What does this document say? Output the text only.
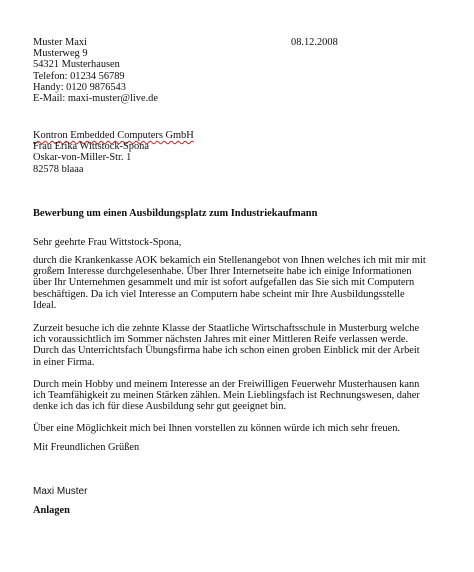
Muster Maxi
Musterweg 9
54321 Musterhausen
Telefon: 01234 56789
Handy: 0120 9876543
E-Mail: maxi-muster@live.de
08.12.2008
Kontron Embedded Computers GmbH
Frau Erika Wittstock-Spona
Oskar-von-Miller-Str. 1
82578 blaaa
Bewerbung um einen Ausbildungsplatz zum Industriekaufmann
Sehr geehrte Frau Wittstock-Spona,
durch die Krankenkasse AOK bekamich ein Stellenangebot von Ihnen welches ich mit mir mit
großem Interesse durchgelesenhabe. Über Ihrer Internetseite habe ich einige Informationen
über Ihr Unternehmen gesammelt und mir ist sofort aufgefallen das Sie sich mit Computern
beschäftigen. Da ich viel Interesse an Computern habe scheint mir Ihre Ausbildungsstelle
Ideal.
Zurzeit besuche ich die zehnte Klasse der Staatliche Wirtschaftsschule in Musterburg welche
ich voraussichtlich im Sommer nächsten Jahres mit einer Mittleren Reife verlassen werde.
Durch das Unterrichtsfach Übungsfirma habe ich schon einen groben Einblick mit der Arbeit
in einer Firma.
Durch mein Hobby und meinem Interesse an der Freiwilligen Feuerwehr Musterhausen kann
ich Teamfähigkeit zu meinen Stärken zählen. Mein Lieblingsfach ist Rechnungswesen, daher
denke ich das ich für diese Ausbildung sehr gut geeignet bin.
Über eine Möglichkeit mich bei Ihnen vorstellen zu können würde ich mich sehr freuen.
Mit Freundlichen Grüßen
Maxi Muster
Anlagen
